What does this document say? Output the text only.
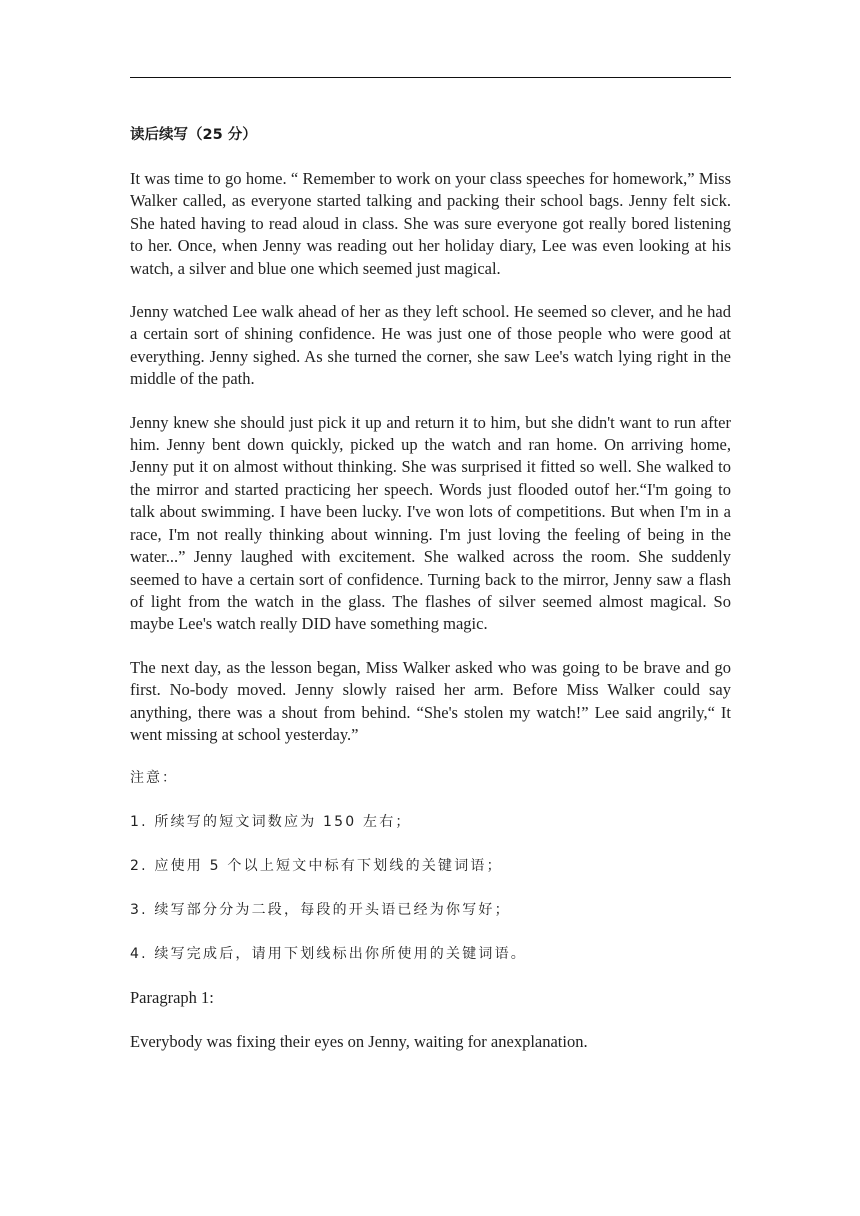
读后续写（25 分）

It was time to go home. “ Remember to work on your class speeches for homework,” Miss Walker called, as everyone started talking and packing their school bags. Jenny felt sick. She hated having to read aloud in class. She was sure everyone got really bored listening to her. Once, when Jenny was reading out her holiday diary, Lee was even looking at his watch, a silver and blue one which seemed just magical.

Jenny watched Lee walk ahead of her as they left school. He seemed so clever, and he had a certain sort of shining confidence. He was just one of those people who were good at everything. Jenny sighed. As she turned the corner, she saw Lee's watch lying right in the middle of the path.

Jenny knew she should just pick it up and return it to him, but she didn't want to run after him. Jenny bent down quickly, picked up the watch and ran home. On arriving home, Jenny put it on almost without thinking. She was surprised it fitted so well. She walked to the mirror and started practicing her speech. Words just flooded outof her.“I'm going to talk about swimming. I have been lucky. I've won lots of competitions. But when I'm in a race, I'm not really thinking about winning. I'm just loving the feeling of being in the water...” Jenny laughed with excitement. She walked across the room. She suddenly seemed to have a certain sort of confidence. Turning back to the mirror, Jenny saw a flash of light from the watch in the glass. The flashes of silver seemed almost magical. So maybe Lee's watch really DID have something magic.

The next day, as the lesson began, Miss Walker asked who was going to be brave and go first. No-body moved. Jenny slowly raised her arm. Before Miss Walker could say anything, there was a shout from behind. “She's stolen my watch!” Lee said angrily,“ It went missing at school yesterday.”

注意：
1. 所续写的短文词数应为 150 左右；
2. 应使用 5 个以上短文中标有下划线的关键词语；
3. 续写部分分为二段，每段的开头语已经为你写好；
4. 续写完成后，请用下划线标出你所使用的关键词语。
Paragraph 1:
Everybody was fixing their eyes on Jenny, waiting for anexplanation.
